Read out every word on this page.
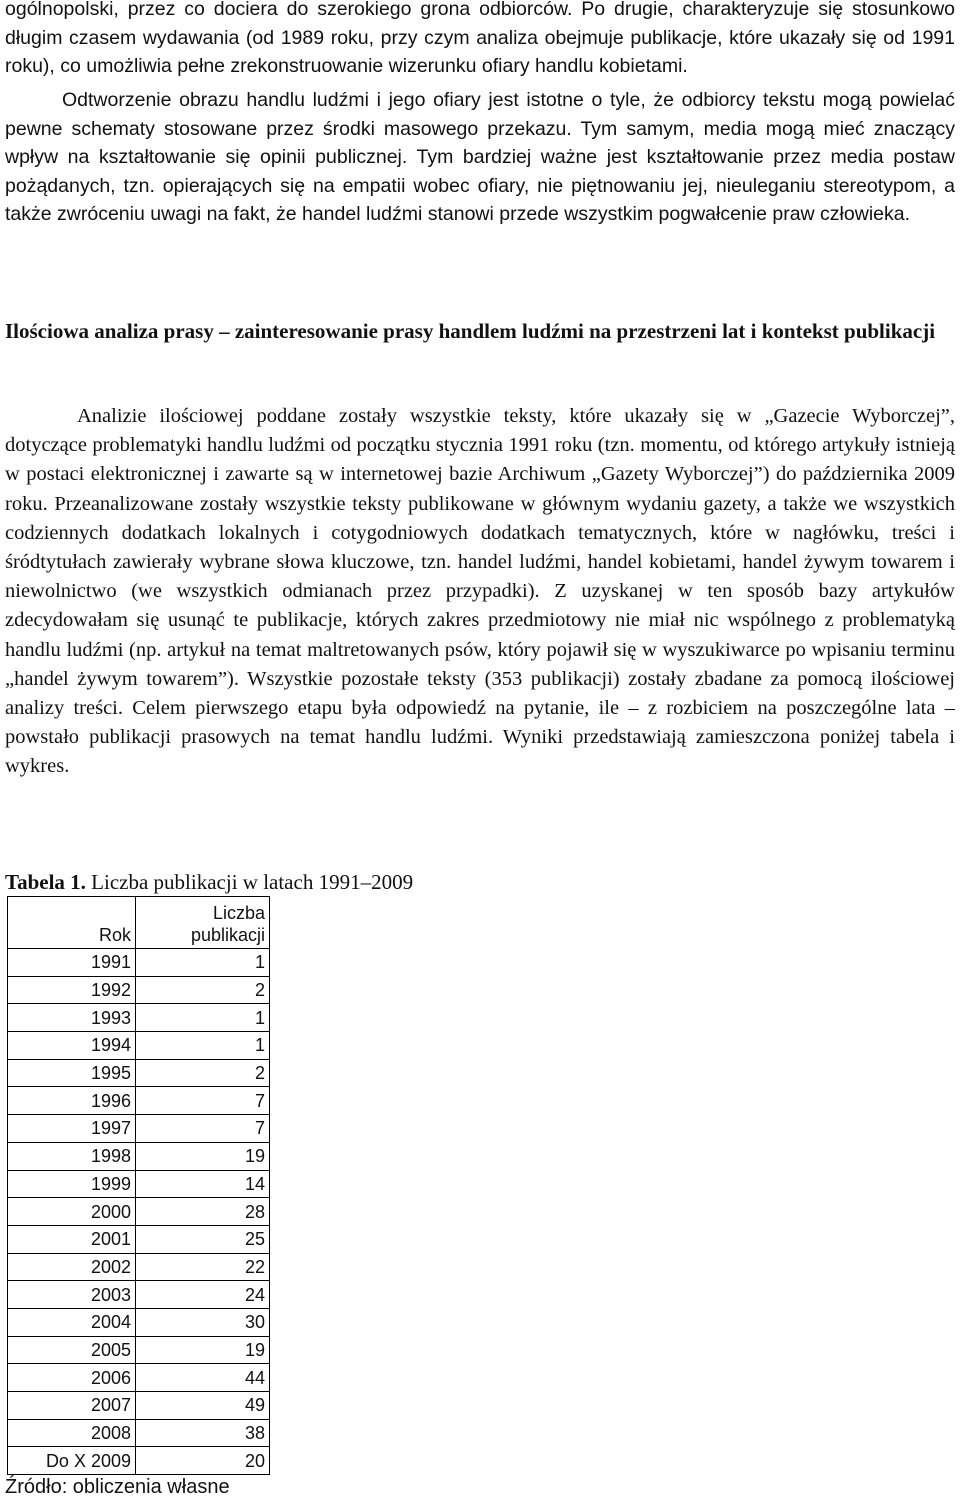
ogólnopolski, przez co dociera do szerokiego grona odbiorców. Po drugie, charakteryzuje się stosunkowo długim czasem wydawania (od 1989 roku, przy czym analiza obejmuje publikacje, które ukazały się od 1991 roku), co umożliwia pełne zrekonstruowanie wizerunku ofiary handlu kobietami.

Odtworzenie obrazu handlu ludźmi i jego ofiary jest istotne o tyle, że odbiorcy tekstu mogą powielać pewne schematy stosowane przez środki masowego przekazu. Tym samym, media mogą mieć znaczący wpływ na kształtowanie się opinii publicznej. Tym bardziej ważne jest kształtowanie przez media postaw pożądanych, tzn. opierających się na empatii wobec ofiary, nie piętnowaniu jej, nieuleganiu stereotypom, a także zwróceniu uwagi na fakt, że handel ludźmi stanowi przede wszystkim pogwałcenie praw człowieka.

Ilościowa analiza prasy – zainteresowanie prasy handlem ludźmi na przestrzeni lat i kontekst publikacji

Analizie ilościowej poddane zostały wszystkie teksty, które ukazały się w „Gazecie Wyborczej”, dotyczące problematyki handlu ludźmi od początku stycznia 1991 roku (tzn. momentu, od którego artykuły istnieją w postaci elektronicznej i zawarte są w internetowej bazie Archiwum „Gazety Wyborczej”) do października 2009 roku. Przeanalizowane zostały wszystkie teksty publikowane w głównym wydaniu gazety, a także we wszystkich codziennych dodatkach lokalnych i cotygodniowych dodatkach tematycznych, które w nagłówku, treści i śródtytułach zawierały wybrane słowa kluczowe, tzn. handel ludźmi, handel kobietami, handel żywym towarem i niewolnictwo (we wszystkich odmianach przez przypadki). Z uzyskanej w ten sposób bazy artykułów zdecydowałam się usunąć te publikacje, których zakres przedmiotowy nie miał nic wspólnego z problematyką handlu ludźmi (np. artykuł na temat maltretowanych psów, który pojawił się w wyszukiwarce po wpisaniu terminu „handel żywym towarem”). Wszystkie pozostałe teksty (353 publikacji) zostały zbadane za pomocą ilościowej analizy treści. Celem pierwszego etapu była odpowiedź na pytanie, ile – z rozbiciem na poszczególne lata – powstało publikacji prasowych na temat handlu ludźmi. Wyniki przedstawiają zamieszczona poniżej tabela i wykres.

Tabela 1. Liczba publikacji w latach 1991–2009

Rok	Liczba
publikacji
1991	1
1992	2
1993	1
1994	1
1995	2
1996	7
1997	7
1998	19
1999	14
2000	28
2001	25
2002	22
2003	24
2004	30
2005	19
2006	44
2007	49
2008	38
Do X 2009	20

Źródło: obliczenia własne
